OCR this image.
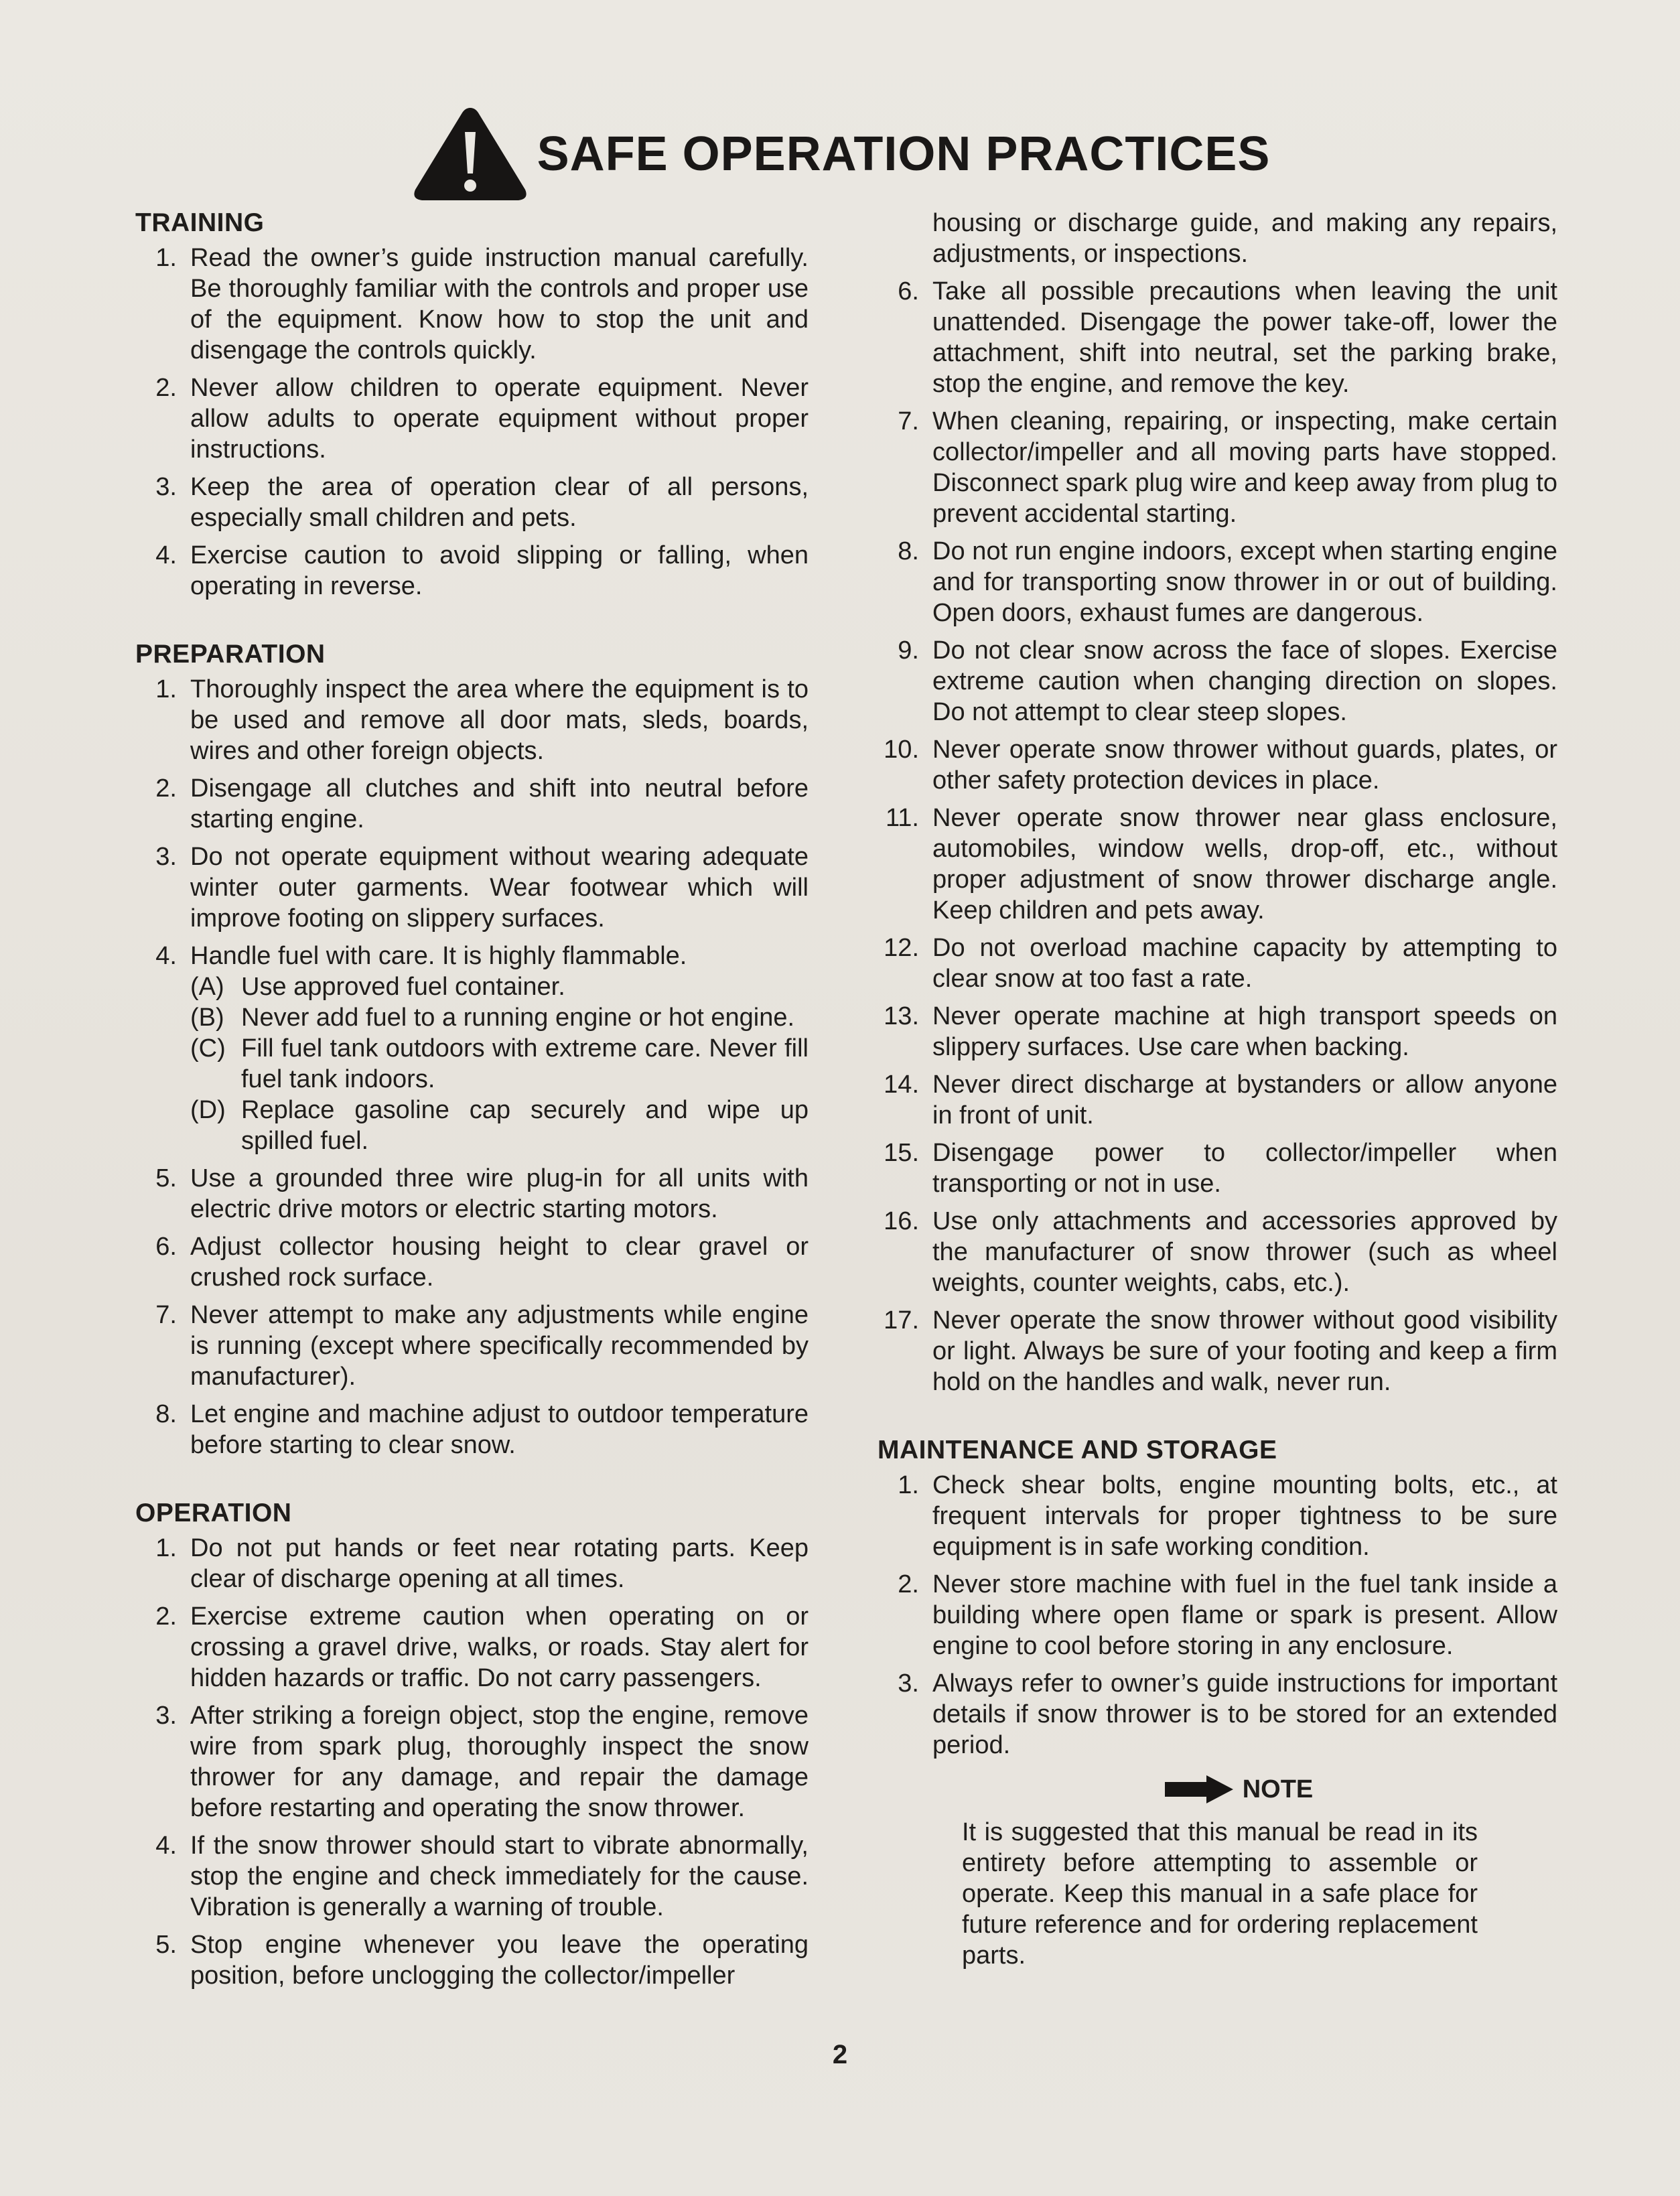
SAFE OPERATION PRACTICES
TRAINING
1. Read the owner’s guide instruction manual carefully. Be thoroughly familiar with the controls and proper use of the equipment. Know how to stop the unit and disengage the controls quickly.
2. Never allow children to operate equipment. Never allow adults to operate equipment without proper instructions.
3. Keep the area of operation clear of all persons, especially small children and pets.
4. Exercise caution to avoid slipping or falling, when operating in reverse.
PREPARATION
1. Thoroughly inspect the area where the equipment is to be used and remove all door mats, sleds, boards, wires and other foreign objects.
2. Disengage all clutches and shift into neutral before starting engine.
3. Do not operate equipment without wearing adequate winter outer garments. Wear footwear which will improve footing on slippery surfaces.
4. Handle fuel with care. It is highly flammable.
(A) Use approved fuel container.
(B) Never add fuel to a running engine or hot engine.
(C) Fill fuel tank outdoors with extreme care. Never fill fuel tank indoors.
(D) Replace gasoline cap securely and wipe up spilled fuel.
5. Use a grounded three wire plug-in for all units with electric drive motors or electric starting motors.
6. Adjust collector housing height to clear gravel or crushed rock surface.
7. Never attempt to make any adjustments while engine is running (except where specifically recommended by manufacturer).
8. Let engine and machine adjust to outdoor temperature before starting to clear snow.
OPERATION
1. Do not put hands or feet near rotating parts. Keep clear of discharge opening at all times.
2. Exercise extreme caution when operating on or crossing a gravel drive, walks, or roads. Stay alert for hidden hazards or traffic. Do not carry passengers.
3. After striking a foreign object, stop the engine, remove wire from spark plug, thoroughly inspect the snow thrower for any damage, and repair the damage before restarting and operating the snow thrower.
4. If the snow thrower should start to vibrate abnormally, stop the engine and check immediately for the cause. Vibration is generally a warning of trouble.
5. Stop engine whenever you leave the operating position, before unclogging the collector/impeller
housing or discharge guide, and making any repairs, adjustments, or inspections.
6. Take all possible precautions when leaving the unit unattended. Disengage the power take-off, lower the attachment, shift into neutral, set the parking brake, stop the engine, and remove the key.
7. When cleaning, repairing, or inspecting, make certain collector/impeller and all moving parts have stopped. Disconnect spark plug wire and keep away from plug to prevent accidental starting.
8. Do not run engine indoors, except when starting engine and for transporting snow thrower in or out of building. Open doors, exhaust fumes are dangerous.
9. Do not clear snow across the face of slopes. Exercise extreme caution when changing direction on slopes. Do not attempt to clear steep slopes.
10. Never operate snow thrower without guards, plates, or other safety protection devices in place.
11. Never operate snow thrower near glass enclosure, automobiles, window wells, drop-off, etc., without proper adjustment of snow thrower discharge angle. Keep children and pets away.
12. Do not overload machine capacity by attempting to clear snow at too fast a rate.
13. Never operate machine at high transport speeds on slippery surfaces. Use care when backing.
14. Never direct discharge at bystanders or allow anyone in front of unit.
15. Disengage power to collector/impeller when transporting or not in use.
16. Use only attachments and accessories approved by the manufacturer of snow thrower (such as wheel weights, counter weights, cabs, etc.).
17. Never operate the snow thrower without good visibility or light. Always be sure of your footing and keep a firm hold on the handles and walk, never run.
MAINTENANCE AND STORAGE
1. Check shear bolts, engine mounting bolts, etc., at frequent intervals for proper tightness to be sure equipment is in safe working condition.
2. Never store machine with fuel in the fuel tank inside a building where open flame or spark is present. Allow engine to cool before storing in any enclosure.
3. Always refer to owner’s guide instructions for important details if snow thrower is to be stored for an extended period.
NOTE
It is suggested that this manual be read in its entirety before attempting to assemble or operate. Keep this manual in a safe place for future reference and for ordering replacement parts.
2
